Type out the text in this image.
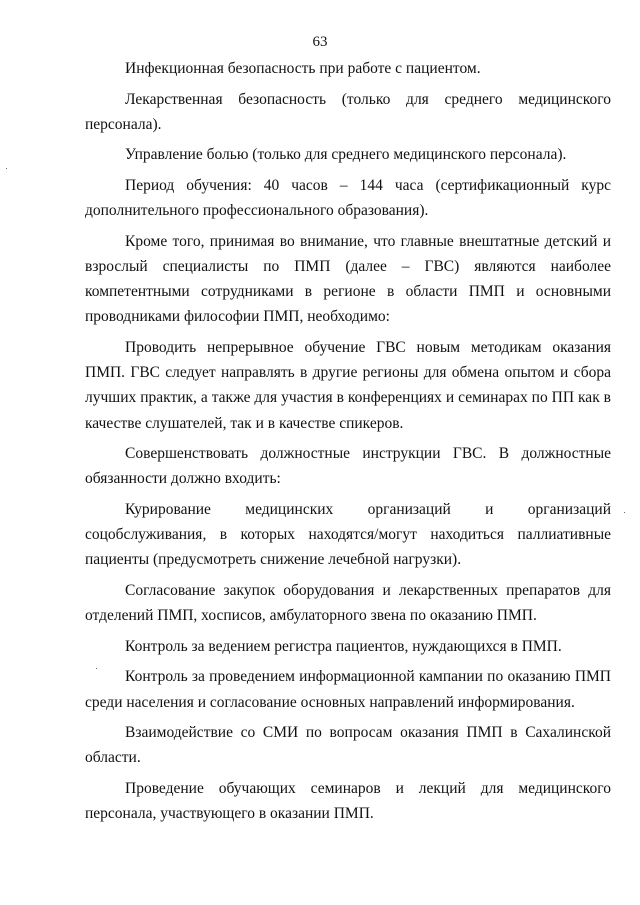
63

Инфекционная безопасность при работе с пациентом.

Лекарственная безопасность (только для среднего медицинского персонала).

Управление болью (только для среднего медицинского персонала).

Период обучения: 40 часов – 144 часа (сертификационный курс дополнительного профессионального образования).

Кроме того, принимая во внимание, что главные внештатные детский и взрослый специалисты по ПМП (далее – ГВС) являются наиболее компетентными сотрудниками в регионе в области ПМП и основными проводниками философии ПМП, необходимо:

Проводить непрерывное обучение ГВС новым методикам оказания ПМП. ГВС следует направлять в другие регионы для обмена опытом и сбора лучших практик, а также для участия в конференциях и семинарах по ПП как в качестве слушателей, так и в качестве спикеров.

Совершенствовать должностные инструкции ГВС. В должностные обязанности должно входить:

Курирование медицинских организаций и организаций соцобслуживания, в которых находятся/могут находиться паллиативные пациенты (предусмотреть снижение лечебной нагрузки).

Согласование закупок оборудования и лекарственных препаратов для отделений ПМП, хосписов, амбулаторного звена по оказанию ПМП.

Контроль за ведением регистра пациентов, нуждающихся в ПМП.

Контроль за проведением информационной кампании по оказанию ПМП среди населения и согласование основных направлений информирования.

Взаимодействие со СМИ по вопросам оказания ПМП в Сахалинской области.

Проведение обучающих семинаров и лекций для медицинского персонала, участвующего в оказании ПМП.
